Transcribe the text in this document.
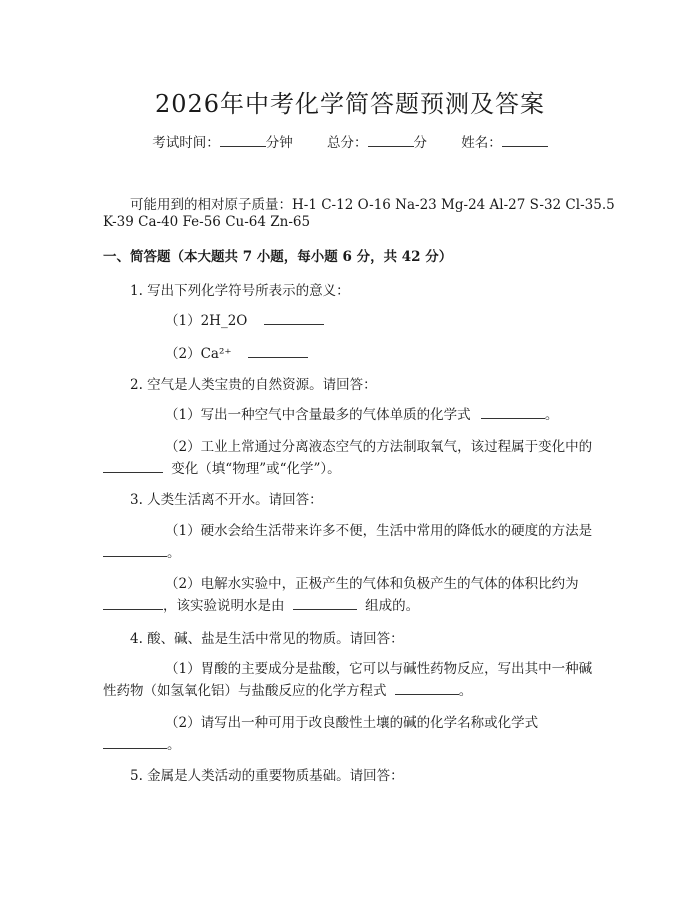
2026年中考化学简答题预测及答案
考试时间：	分钟	总分：	分	姓名：
可能用到的相对原子质量：H-1 C-12 O-16 Na-23 Mg-24 Al-27 S-32 Cl-35.5
K-39 Ca-40 Fe-56 Cu-64 Zn-65
一、简答题（本大题共 7 小题，每小题 6 分，共 42 分）
1. 写出下列化学符号所表示的意义：
（1）2H_2O
（2）Ca²⁺
2. 空气是人类宝贵的自然资源。请回答：
（1）写出一种空气中含量最多的气体单质的化学式	。
（2）工业上常通过分离液态空气的方法制取氧气，该过程属于变化中的
变化（填“物理”或“化学”）。
3. 人类生活离不开水。请回答：
（1）硬水会给生活带来许多不便，生活中常用的降低水的硬度的方法是
。
（2）电解水实验中，正极产生的气体和负极产生的气体的体积比约为
，该实验说明水是由	组成的。
4. 酸、碱、盐是生活中常见的物质。请回答：
（1）胃酸的主要成分是盐酸，它可以与碱性药物反应，写出其中一种碱
性药物（如氢氧化铝）与盐酸反应的化学方程式	。
（2）请写出一种可用于改良酸性土壤的碱的化学名称或化学式
。
5. 金属是人类活动的重要物质基础。请回答：
